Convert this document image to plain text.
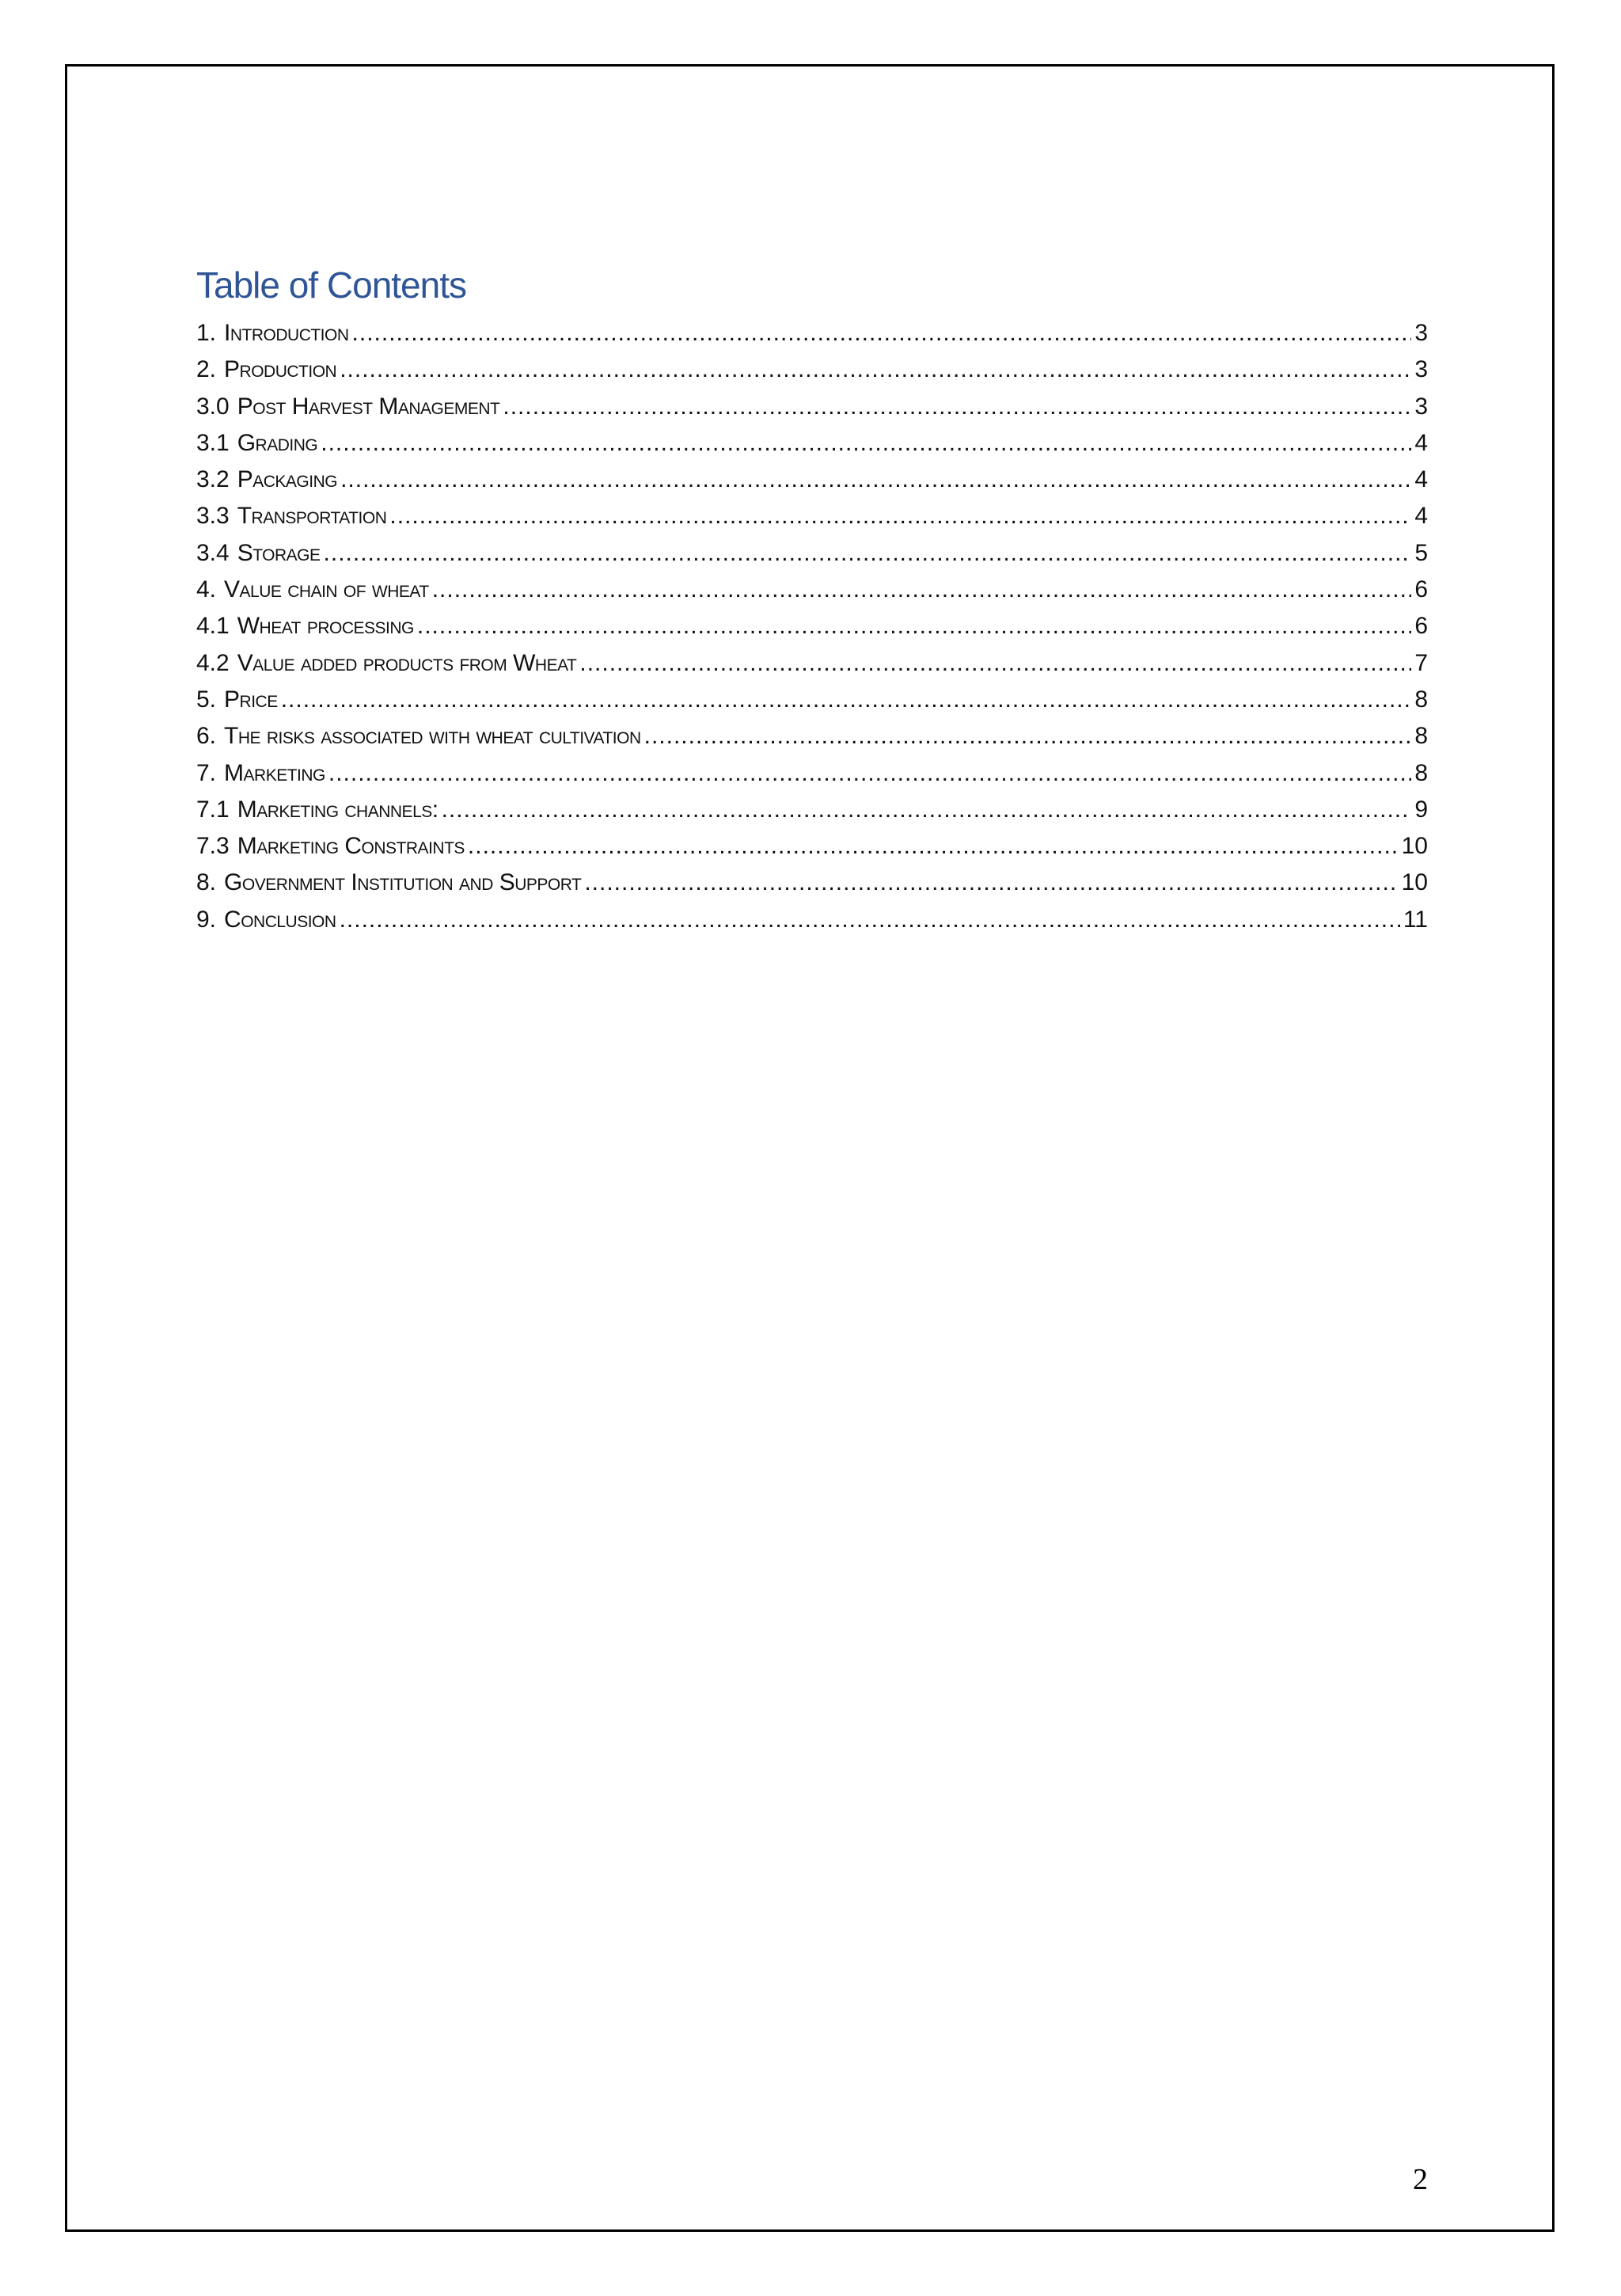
Table of Contents
1. Introduction .....	3
2. Production .....	3
3.0 Post Harvest Management .....	3
3.1 Grading .....	4
3.2 Packaging .....	4
3.3 Transportation .....	4
3.4 Storage .....	5
4. Value chain of wheat .....	6
4.1 Wheat processing .....	6
4.2 Value added products from Wheat .....	7
5. Price .....	8
6. The risks associated with wheat cultivation .....	8
7. Marketing .....	8
7.1 Marketing channels: .....	9
7.3 Marketing Constraints .....	10
8. Government Institution and Support .....	10
9. Conclusion .....	11
2
